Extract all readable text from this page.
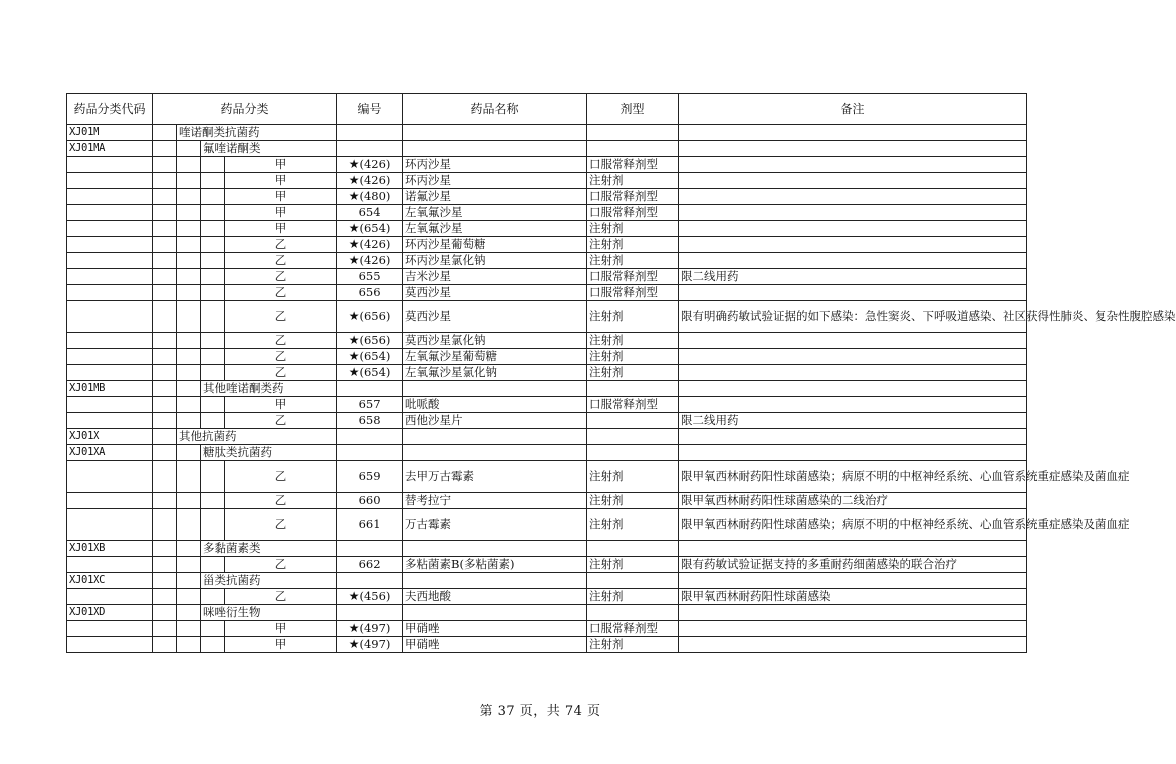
药品分类代码	药品分类				编号	药品名称	剂型	备注
XJ01M		喹诺酮类抗菌药						
XJ01MA			氟喹诺酮类					
				甲	★(426)	环丙沙星	口服常释剂型	
				甲	★(426)	环丙沙星	注射剂	
				甲	★(480)	诺氟沙星	口服常释剂型	
				甲	654	左氧氟沙星	口服常释剂型	
				甲	★(654)	左氧氟沙星	注射剂	
				乙	★(426)	环丙沙星葡萄糖	注射剂	
				乙	★(426)	环丙沙星氯化钠	注射剂	
				乙	655	吉米沙星	口服常释剂型	限二线用药
				乙	656	莫西沙星	口服常释剂型	
				乙	★(656)	莫西沙星	注射剂	限有明确药敏试验证据的如下感染：急性窦炎、下呼吸道感染、社区获得性肺炎、复杂性腹腔感染
				乙	★(656)	莫西沙星氯化钠	注射剂	
				乙	★(654)	左氧氟沙星葡萄糖	注射剂	
				乙	★(654)	左氧氟沙星氯化钠	注射剂	
XJ01MB			其他喹诺酮类药					
				甲	657	吡哌酸	口服常释剂型	
				乙	658	西他沙星片		限二线用药
XJ01X		其他抗菌药						
XJ01XA			糖肽类抗菌药					
				乙	659	去甲万古霉素	注射剂	限甲氧西林耐药阳性球菌感染；病原不明的中枢神经系统、心血管系统重症感染及菌血症
				乙	660	替考拉宁	注射剂	限甲氧西林耐药阳性球菌感染的二线治疗
				乙	661	万古霉素	注射剂	限甲氧西林耐药阳性球菌感染；病原不明的中枢神经系统、心血管系统重症感染及菌血症
XJ01XB			多黏菌素类					
				乙	662	多粘菌素B(多粘菌素)	注射剂	限有药敏试验证据支持的多重耐药细菌感染的联合治疗
XJ01XC			甾类抗菌药					
				乙	★(456)	夫西地酸	注射剂	限甲氧西林耐药阳性球菌感染
XJ01XD			咪唑衍生物					
				甲	★(497)	甲硝唑	口服常释剂型	
				甲	★(497)	甲硝唑	注射剂	
第 37 页，共 74 页
